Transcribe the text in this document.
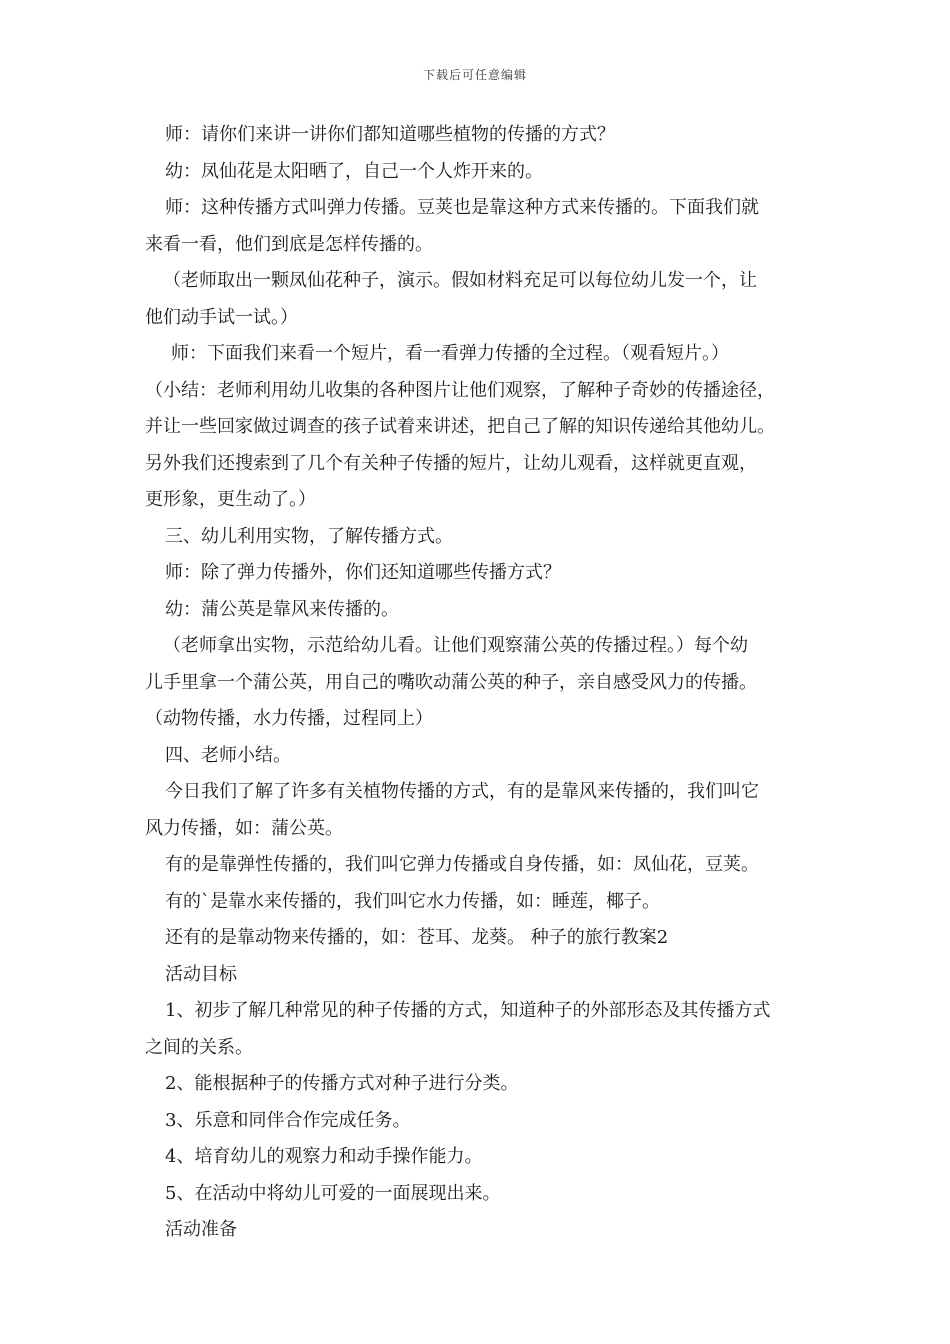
下载后可任意编辑
师：请你们来讲一讲你们都知道哪些植物的传播的方式？
幼：凤仙花是太阳晒了，自己一个人炸开来的。
师：这种传播方式叫弹力传播。豆荚也是靠这种方式来传播的。下面我们就
来看一看，他们到底是怎样传播的。
（老师取出一颗凤仙花种子，演示。假如材料充足可以每位幼儿发一个，让
他们动手试一试。）
师：下面我们来看一个短片，看一看弹力传播的全过程。（观看短片。）
（小结：老师利用幼儿收集的各种图片让他们观察，了解种子奇妙的传播途径，
并让一些回家做过调查的孩子试着来讲述，把自己了解的知识传递给其他幼儿。
另外我们还搜索到了几个有关种子传播的短片，让幼儿观看，这样就更直观，
更形象，更生动了。）
三、幼儿利用实物，了解传播方式。
师：除了弹力传播外，你们还知道哪些传播方式？
幼：蒲公英是靠风来传播的。
（老师拿出实物，示范给幼儿看。让他们观察蒲公英的传播过程。）每个幼
儿手里拿一个蒲公英，用自己的嘴吹动蒲公英的种子，亲自感受风力的传播。
（动物传播，水力传播，过程同上）
四、老师小结。
今日我们了解了许多有关植物传播的方式，有的是靠风来传播的，我们叫它
风力传播，如：蒲公英。
有的是靠弹性传播的，我们叫它弹力传播或自身传播，如：凤仙花，豆荚。
有的`是靠水来传播的，我们叫它水力传播，如：睡莲，椰子。
还有的是靠动物来传播的，如：苍耳、龙葵。 种子的旅行教案2
活动目标
1、初步了解几种常见的种子传播的方式，知道种子的外部形态及其传播方式
之间的关系。
2、能根据种子的传播方式对种子进行分类。
3、乐意和同伴合作完成任务。
4、培育幼儿的观察力和动手操作能力。
5、在活动中将幼儿可爱的一面展现出来。
活动准备
